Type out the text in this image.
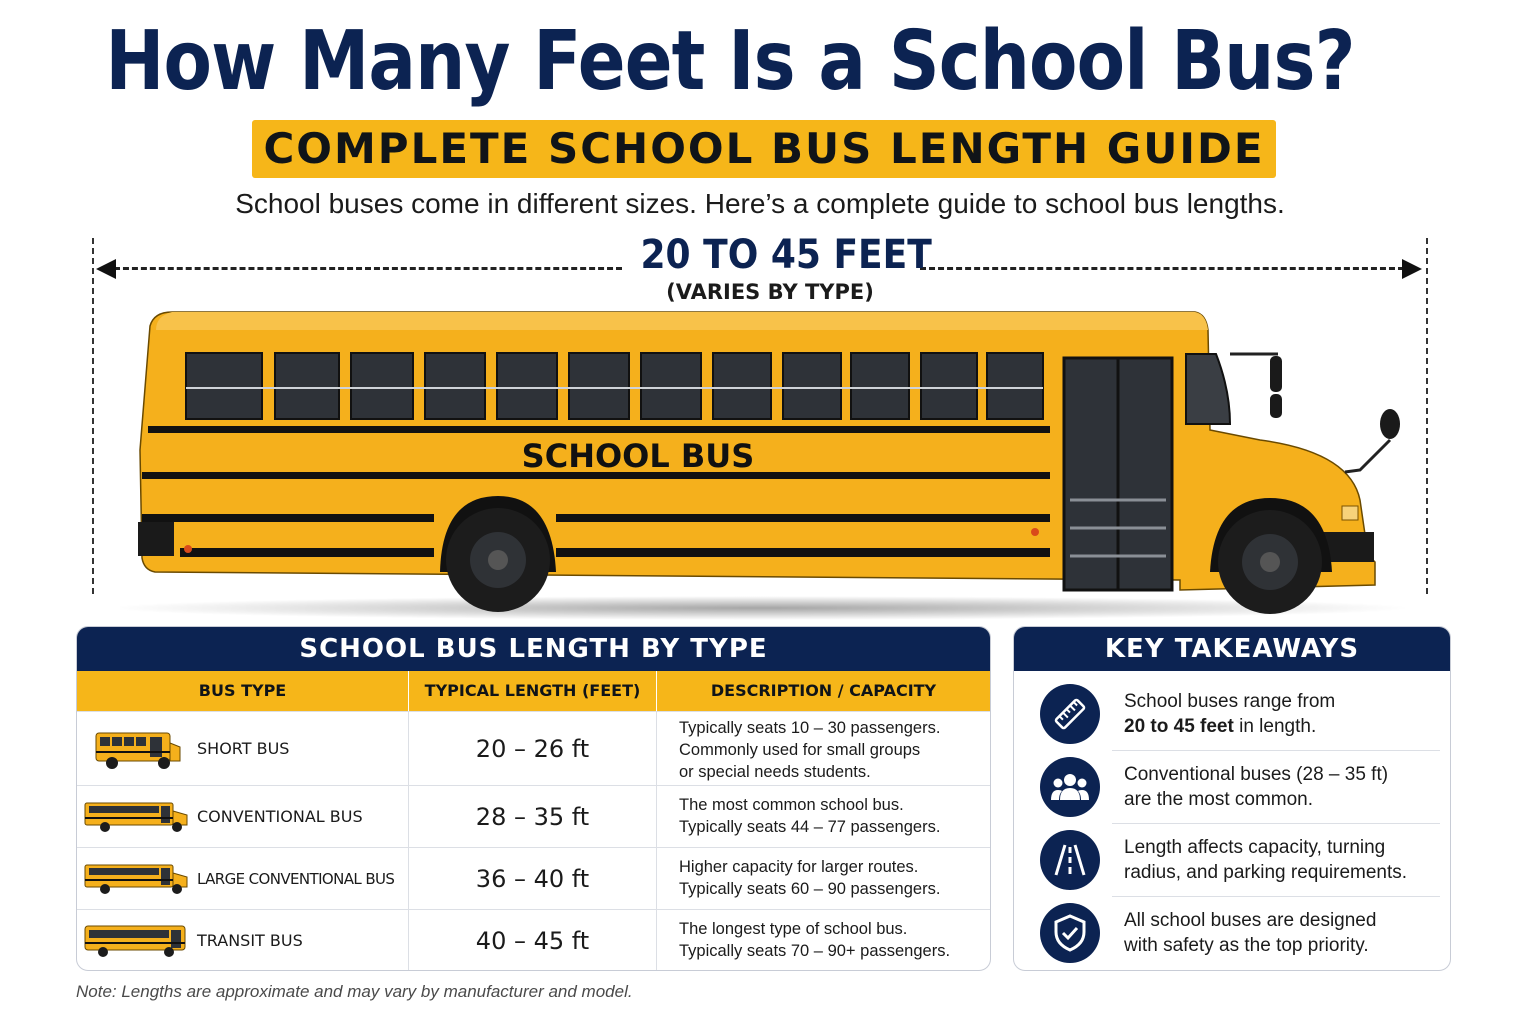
How Many Feet Is a School Bus?
COMPLETE SCHOOL BUS LENGTH GUIDE
School buses come in different sizes. Here’s a complete guide to school bus lengths.
20 TO 45 FEET
(VARIES BY TYPE)
SCHOOL BUS
SCHOOL BUS LENGTH BY TYPE
BUS TYPE	TYPICAL LENGTH (FEET)	DESCRIPTION / CAPACITY
SHORT BUS	20 – 26 ft
Typically seats 10 – 30 passengers.
Commonly used for small groups
or special needs students.
CONVENTIONAL BUS	28 – 35 ft	The most common school bus.
Typically seats 44 – 77 passengers.
LARGE CONVENTIONAL BUS	36 – 40 ft	Higher capacity for larger routes.
Typically seats 60 – 90 passengers.
TRANSIT BUS	40 – 45 ft	The longest type of school bus.
Typically seats 70 – 90+ passengers.
KEY TAKEAWAYS
School buses range from
20 to 45 feet in length.
Conventional buses (28 – 35 ft)
are the most common.
Length affects capacity, turning
radius, and parking requirements.
All school buses are designed
with safety as the top priority.
Note: Lengths are approximate and may vary by manufacturer and model.
